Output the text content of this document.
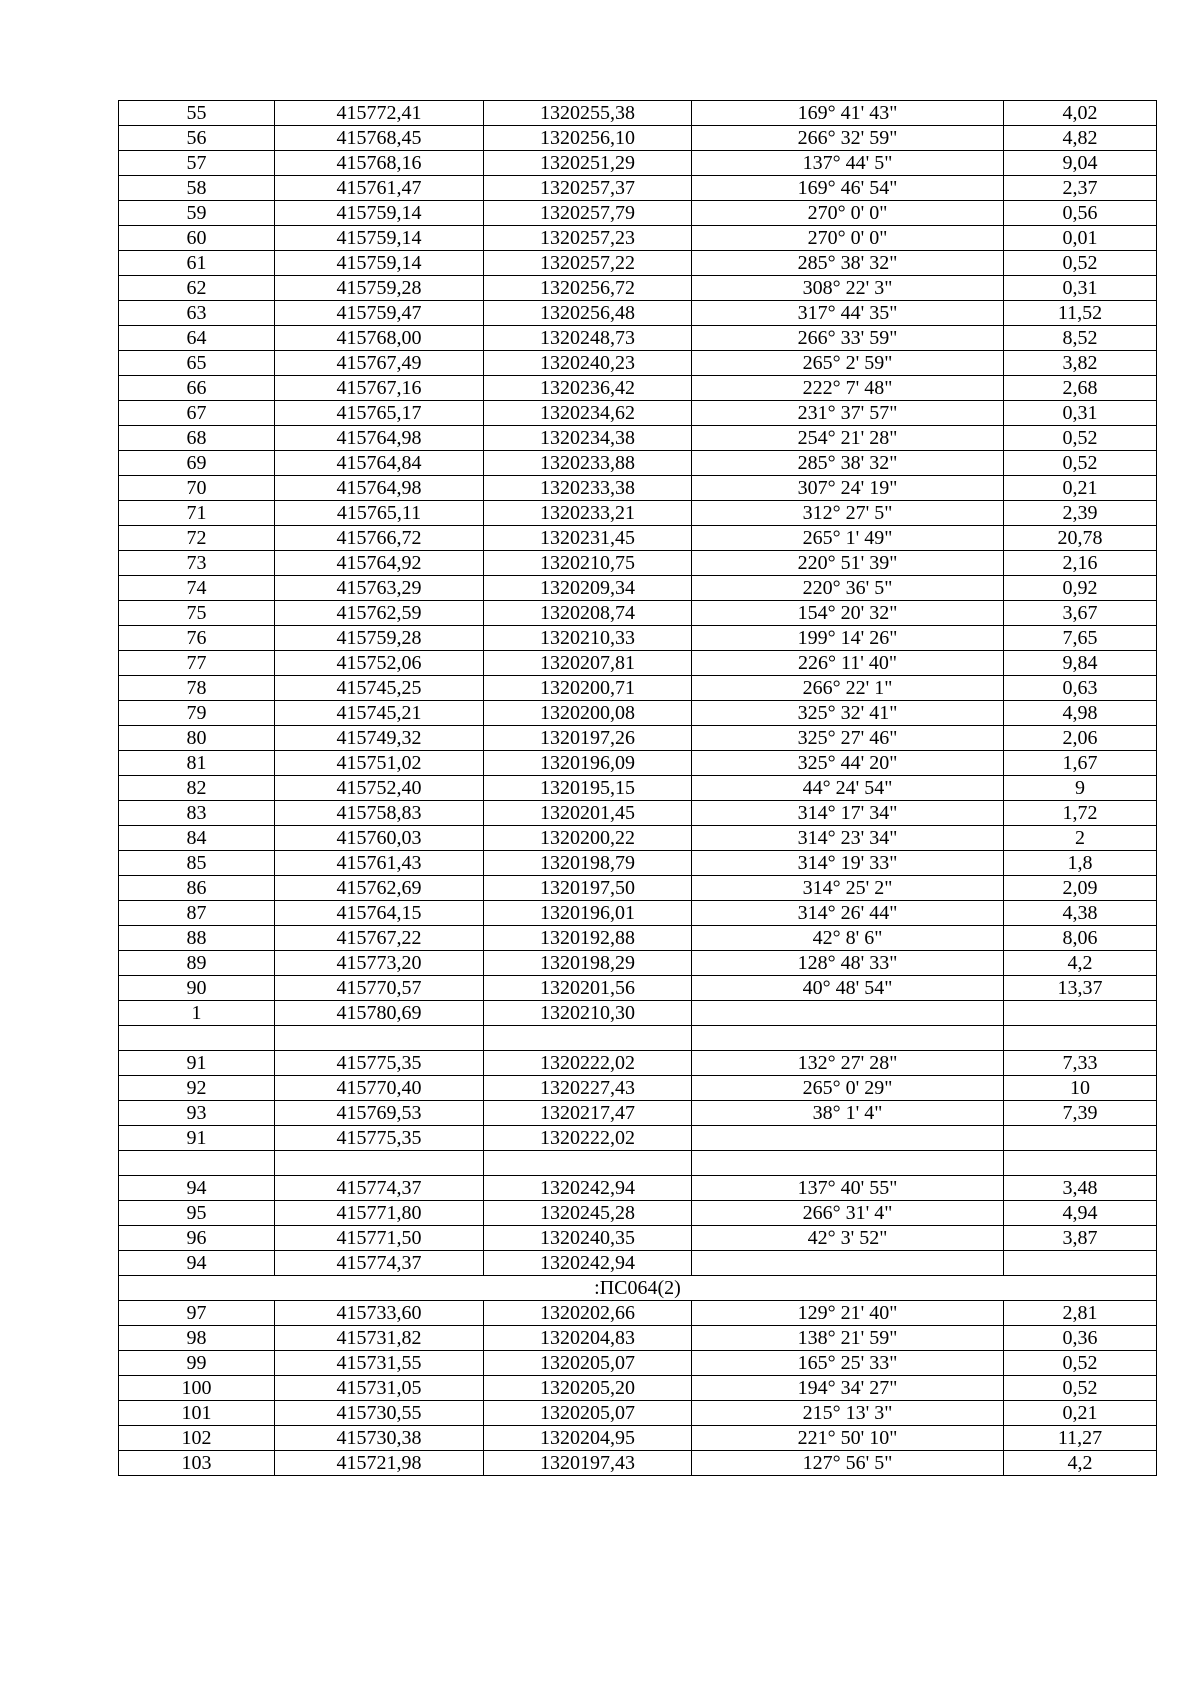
55	415772,41	1320255,38	169° 41' 43"	4,02
56	415768,45	1320256,10	266° 32' 59"	4,82
57	415768,16	1320251,29	137° 44' 5"	9,04
58	415761,47	1320257,37	169° 46' 54"	2,37
59	415759,14	1320257,79	270° 0' 0"	0,56
60	415759,14	1320257,23	270° 0' 0"	0,01
61	415759,14	1320257,22	285° 38' 32"	0,52
62	415759,28	1320256,72	308° 22' 3"	0,31
63	415759,47	1320256,48	317° 44' 35"	11,52
64	415768,00	1320248,73	266° 33' 59"	8,52
65	415767,49	1320240,23	265° 2' 59"	3,82
66	415767,16	1320236,42	222° 7' 48"	2,68
67	415765,17	1320234,62	231° 37' 57"	0,31
68	415764,98	1320234,38	254° 21' 28"	0,52
69	415764,84	1320233,88	285° 38' 32"	0,52
70	415764,98	1320233,38	307° 24' 19"	0,21
71	415765,11	1320233,21	312° 27' 5"	2,39
72	415766,72	1320231,45	265° 1' 49"	20,78
73	415764,92	1320210,75	220° 51' 39"	2,16
74	415763,29	1320209,34	220° 36' 5"	0,92
75	415762,59	1320208,74	154° 20' 32"	3,67
76	415759,28	1320210,33	199° 14' 26"	7,65
77	415752,06	1320207,81	226° 11' 40"	9,84
78	415745,25	1320200,71	266° 22' 1"	0,63
79	415745,21	1320200,08	325° 32' 41"	4,98
80	415749,32	1320197,26	325° 27' 46"	2,06
81	415751,02	1320196,09	325° 44' 20"	1,67
82	415752,40	1320195,15	44° 24' 54"	9
83	415758,83	1320201,45	314° 17' 34"	1,72
84	415760,03	1320200,22	314° 23' 34"	2
85	415761,43	1320198,79	314° 19' 33"	1,8
86	415762,69	1320197,50	314° 25' 2"	2,09
87	415764,15	1320196,01	314° 26' 44"	4,38
88	415767,22	1320192,88	42° 8' 6"	8,06
89	415773,20	1320198,29	128° 48' 33"	4,2
90	415770,57	1320201,56	40° 48' 54"	13,37
1	415780,69	1320210,30		

91	415775,35	1320222,02	132° 27' 28"	7,33
92	415770,40	1320227,43	265° 0' 29"	10
93	415769,53	1320217,47	38° 1' 4"	7,39
91	415775,35	1320222,02		

94	415774,37	1320242,94	137° 40' 55"	3,48
95	415771,80	1320245,28	266° 31' 4"	4,94
96	415771,50	1320240,35	42° 3' 52"	3,87
94	415774,37	1320242,94		
:ПС064(2)				
97	415733,60	1320202,66	129° 21' 40"	2,81
98	415731,82	1320204,83	138° 21' 59"	0,36
99	415731,55	1320205,07	165° 25' 33"	0,52
100	415731,05	1320205,20	194° 34' 27"	0,52
101	415730,55	1320205,07	215° 13' 3"	0,21
102	415730,38	1320204,95	221° 50' 10"	11,27
103	415721,98	1320197,43	127° 56' 5"	4,2
